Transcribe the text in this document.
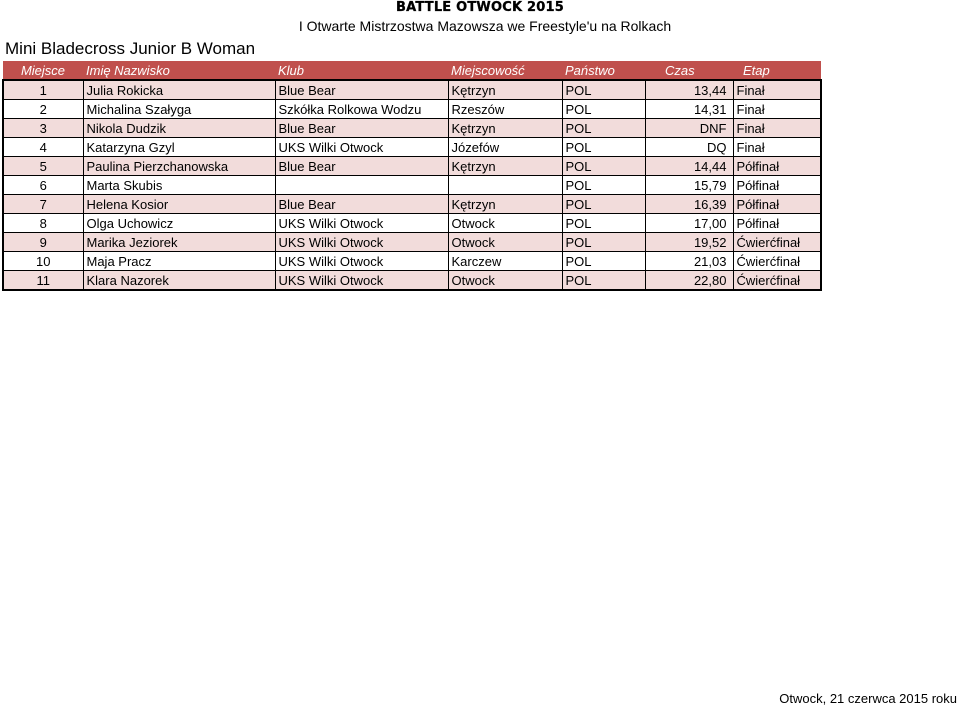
BATTLE OTWOCK 2015
I Otwarte Mistrzostwa Mazowsza we Freestyle'u na Rolkach
Mini Bladecross Junior B Woman
Miejsce	Imię Nazwisko	Klub	Miejscowość	Państwo	Czas	Etap
1	Julia Rokicka	Blue Bear	Kętrzyn	POL	13,44	Finał
2	Michalina Szałyga	Szkółka Rolkowa Wodzu	Rzeszów	POL	14,31	Finał
3	Nikola Dudzik	Blue Bear	Kętrzyn	POL	DNF	Finał
4	Katarzyna Gzyl	UKS Wilki Otwock	Józefów	POL	DQ	Finał
5	Paulina Pierzchanowska	Blue Bear	Kętrzyn	POL	14,44	Półfinał
6	Marta Skubis			POL	15,79	Półfinał
7	Helena Kosior	Blue Bear	Kętrzyn	POL	16,39	Półfinał
8	Olga Uchowicz	UKS Wilki Otwock	Otwock	POL	17,00	Półfinał
9	Marika Jeziorek	UKS Wilki Otwock	Otwock	POL	19,52	Ćwierćfinał
10	Maja Pracz	UKS Wilki Otwock	Karczew	POL	21,03	Ćwierćfinał
11	Klara Nazorek	UKS Wilki Otwock	Otwock	POL	22,80	Ćwierćfinał
Otwock, 21 czerwca 2015 roku
